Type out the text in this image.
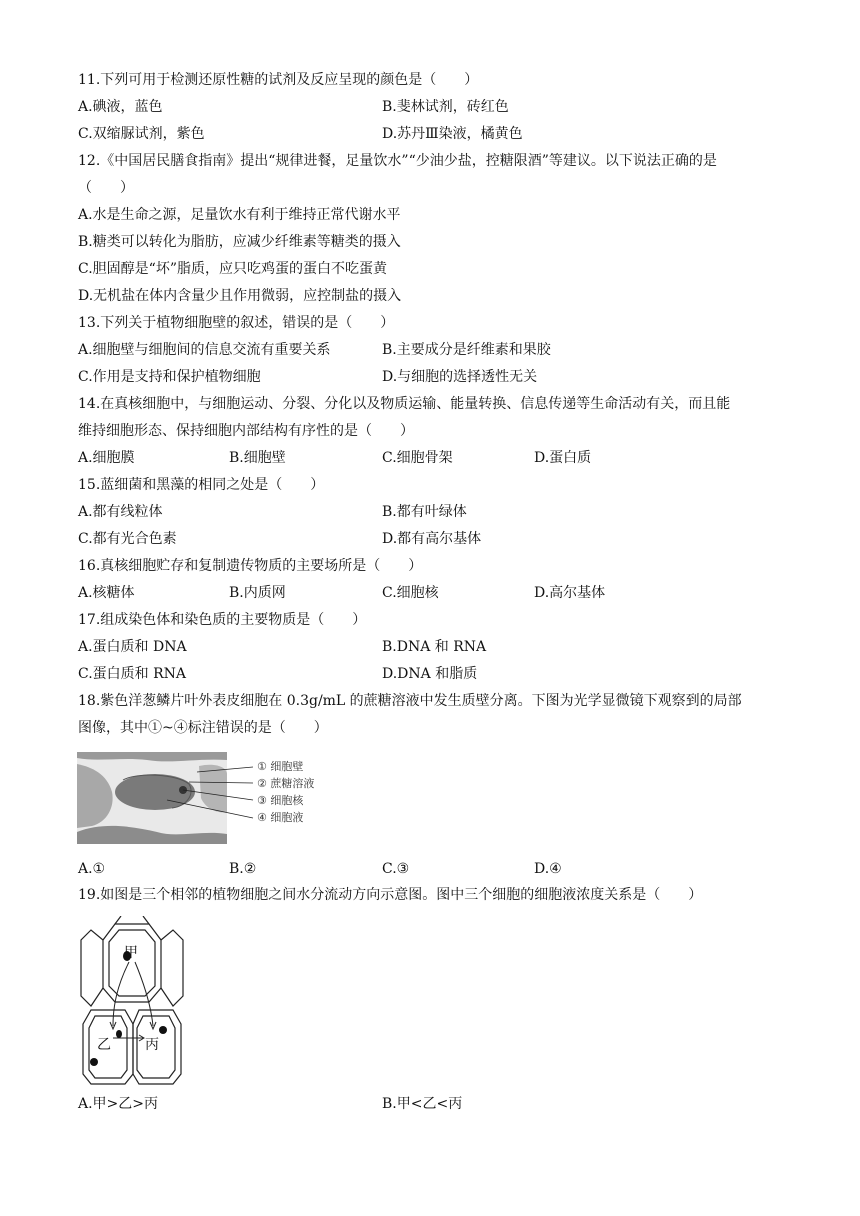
11.下列可用于检测还原性糖的试剂及反应呈现的颜色是（　　）
A.碘液，蓝色	B.斐林试剂，砖红色
C.双缩脲试剂，紫色	D.苏丹Ⅲ染液，橘黄色
12.《中国居民膳食指南》提出“规律进餐，足量饮水”“少油少盐，控糖限酒”等建议。以下说法正确的是
（　　）
A.水是生命之源，足量饮水有利于维持正常代谢水平
B.糖类可以转化为脂肪，应减少纤维素等糖类的摄入
C.胆固醇是“坏”脂质，应只吃鸡蛋的蛋白不吃蛋黄
D.无机盐在体内含量少且作用微弱，应控制盐的摄入
13.下列关于植物细胞壁的叙述，错误的是（　　）
A.细胞壁与细胞间的信息交流有重要关系	B.主要成分是纤维素和果胶
C.作用是支持和保护植物细胞	D.与细胞的选择透性无关
14.在真核细胞中，与细胞运动、分裂、分化以及物质运输、能量转换、信息传递等生命活动有关，而且能
维持细胞形态、保持细胞内部结构有序性的是（　　）
A.细胞膜	B.细胞壁	C.细胞骨架	D.蛋白质
15.蓝细菌和黑藻的相同之处是（　　）
A.都有线粒体	B.都有叶绿体
C.都有光合色素	D.都有高尔基体
16.真核细胞贮存和复制遗传物质的主要场所是（　　）
A.核糖体	B.内质网	C.细胞核	D.高尔基体
17.组成染色体和染色质的主要物质是（　　）
A.蛋白质和 DNA	B.DNA 和 RNA
C.蛋白质和 RNA	D.DNA 和脂质
18.紫色洋葱鳞片叶外表皮细胞在 0.3g/mL 的蔗糖溶液中发生质壁分离。下图为光学显微镜下观察到的局部
图像，其中①~④标注错误的是（　　）
① 细胞壁
② 蔗糖溶液
③ 细胞核
④ 细胞液
A.①	B.②	C.③	D.④
19.如图是三个相邻的植物细胞之间水分流动方向示意图。图中三个细胞的细胞液浓度关系是（　　）
甲
乙 丙
A.甲>乙>丙	B.甲<乙<丙
